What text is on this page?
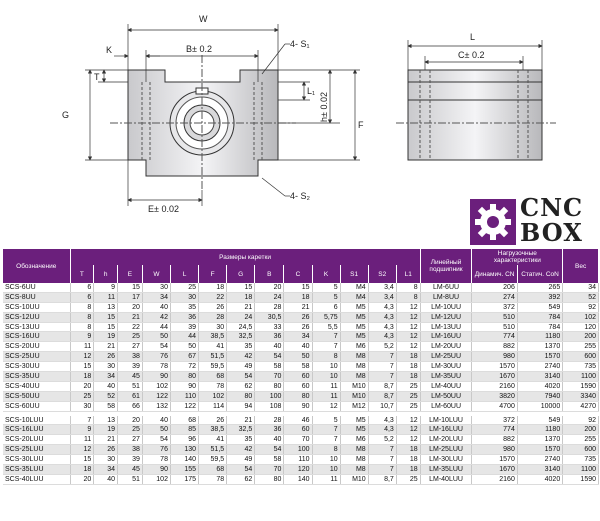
W
B± 0.2
K
4- S₁
T
G
L₁
h± 0.02
F
E± 0.02
4- S₂
L
C± 0.2
CNC
BOX
Обозначение	Размеры каретки													Линейный подшипник	Нагрузочные характеристики		Вес
	T	h	E	W	L	F	G	B	C	K	S1	S2	L1		Динамич. CN	Статич. CoN	
SCS-6UU	6	9	15	30	25	18	15	20	15	5	M4	3,4	8	LM-6UU	206	265	34
SCS-8UU	6	11	17	34	30	22	18	24	18	5	M4	3,4	8	LM-8UU	274	392	52
SCS-10UU	8	13	20	40	35	26	21	28	21	6	M5	4,3	12	LM-10UU	372	549	92
SCS-12UU	8	15	21	42	36	28	24	30,5	26	5,75	M5	4,3	12	LM-12UU	510	784	102
SCS-13UU	8	15	22	44	39	30	24,5	33	26	5,5	M5	4,3	12	LM-13UU	510	784	120
SCS-16UU	9	19	25	50	44	38,5	32,5	36	34	7	M5	4,3	12	LM-16UU	774	1180	200
SCS-20UU	11	21	27	54	50	41	35	40	40	7	M6	5,2	12	LM-20UU	882	1370	255
SCS-25UU	12	26	38	76	67	51,5	42	54	50	8	M8	7	18	LM-25UU	980	1570	600
SCS-30UU	15	30	39	78	72	59,5	49	58	58	10	M8	7	18	LM-30UU	1570	2740	735
SCS-35UU	18	34	45	90	80	68	54	70	60	10	M8	7	18	LM-35UU	1670	3140	1100
SCS-40UU	20	40	51	102	90	78	62	80	60	11	M10	8,7	25	LM-40UU	2160	4020	1590
SCS-50UU	25	52	61	122	110	102	80	100	80	11	M10	8,7	25	LM-50UU	3820	7940	3340
SCS-60UU	30	58	66	132	122	114	94	108	90	12	M12	10,7	25	LM-60UU	4700	10000	4270

SCS-10LUU	7	13	20	40	68	26	21	28	46	5	M5	4,3	12	LM-10LUU	372	549	92
SCS-16LUU	9	19	25	50	85	38,5	32,5	36	60	7	M5	4,3	12	LM-16LUU	774	1180	200
SCS-20LUU	11	21	27	54	96	41	35	40	70	7	M6	5,2	12	LM-20LUU	882	1370	255
SCS-25LUU	12	26	38	76	130	51,5	42	54	100	8	M8	7	18	LM-25LUU	980	1570	600
SCS-30LUU	15	30	39	78	140	59,5	49	58	110	10	M8	7	18	LM-30LUU	1570	2740	735
SCS-35LUU	18	34	45	90	155	68	54	70	120	10	M8	7	18	LM-35LUU	1670	3140	1100
SCS-40LUU	20	40	51	102	175	78	62	80	140	11	M10	8,7	25	LM-40LUU	2160	4020	1590
